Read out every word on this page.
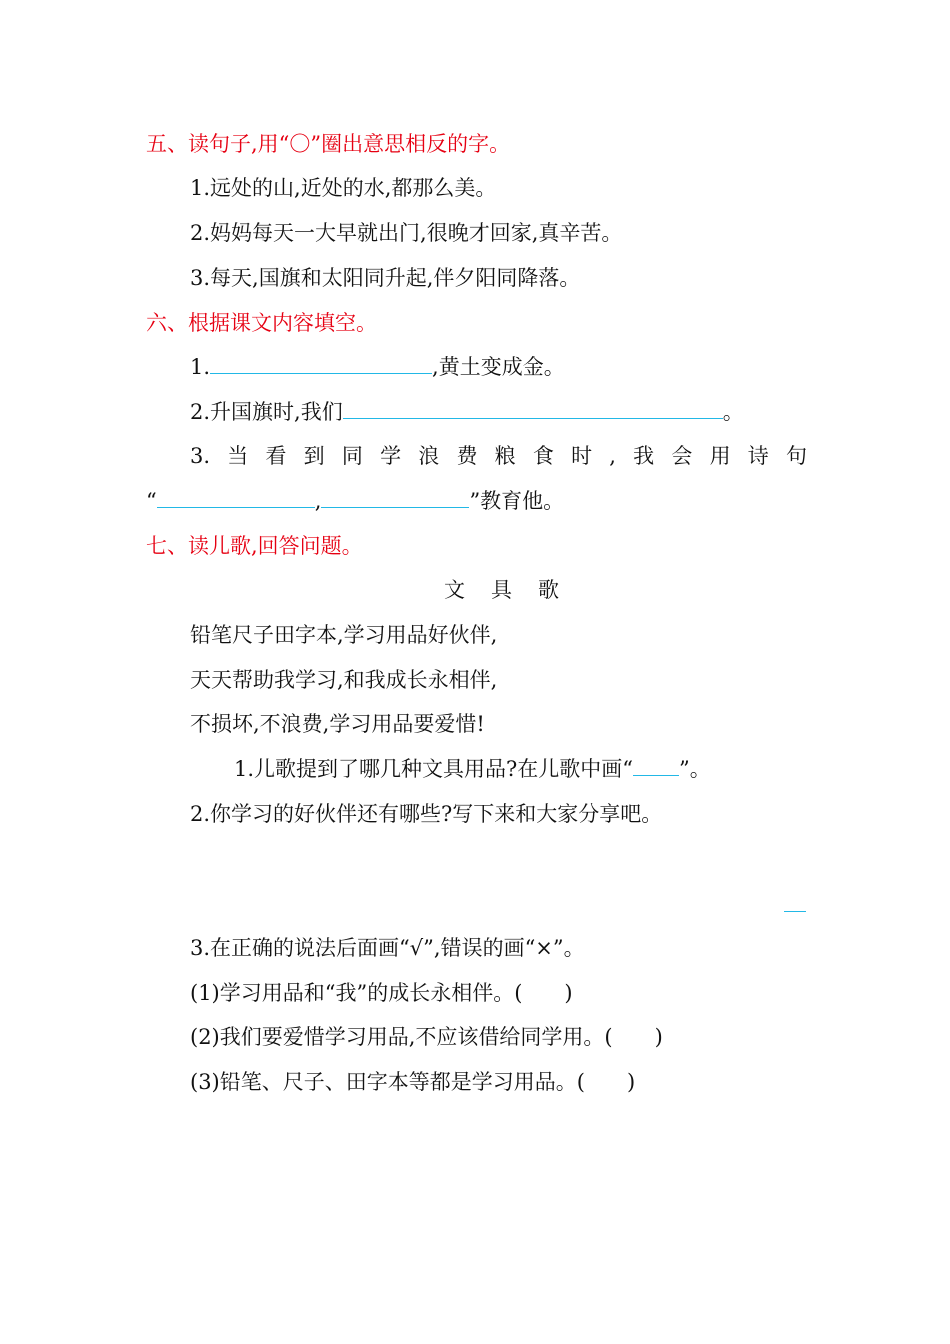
五、读句子,用“〇”圈出意思相反的字。
1.远处的山,近处的水,都那么美。
2.妈妈每天一大早就出门,很晚才回家,真辛苦。
3.每天,国旗和太阳同升起,伴夕阳同降落。
六、根据课文内容填空。
1.	,黄土变成金。
2.升国旗时,我们	。
3. 当 看 到 同 学 浪 费 粮 食 时 , 我 会 用 诗 句
“	,	”教育他。
七、读儿歌,回答问题。
文具歌
铅笔尺子田字本,学习用品好伙伴,
天天帮助我学习,和我成长永相伴,
不损坏,不浪费,学习用品要爱惜!
1.儿歌提到了哪几种文具用品?在儿歌中画“ ”。
2.你学习的好伙伴还有哪些?写下来和大家分享吧。
3.在正确的说法后面画“√”,错误的画“×”。
(1)学习用品和“我”的成长永相伴。(　　)
(2)我们要爱惜学习用品,不应该借给同学用。(　　)
(3)铅笔、尺子、田字本等都是学习用品。(　　)
